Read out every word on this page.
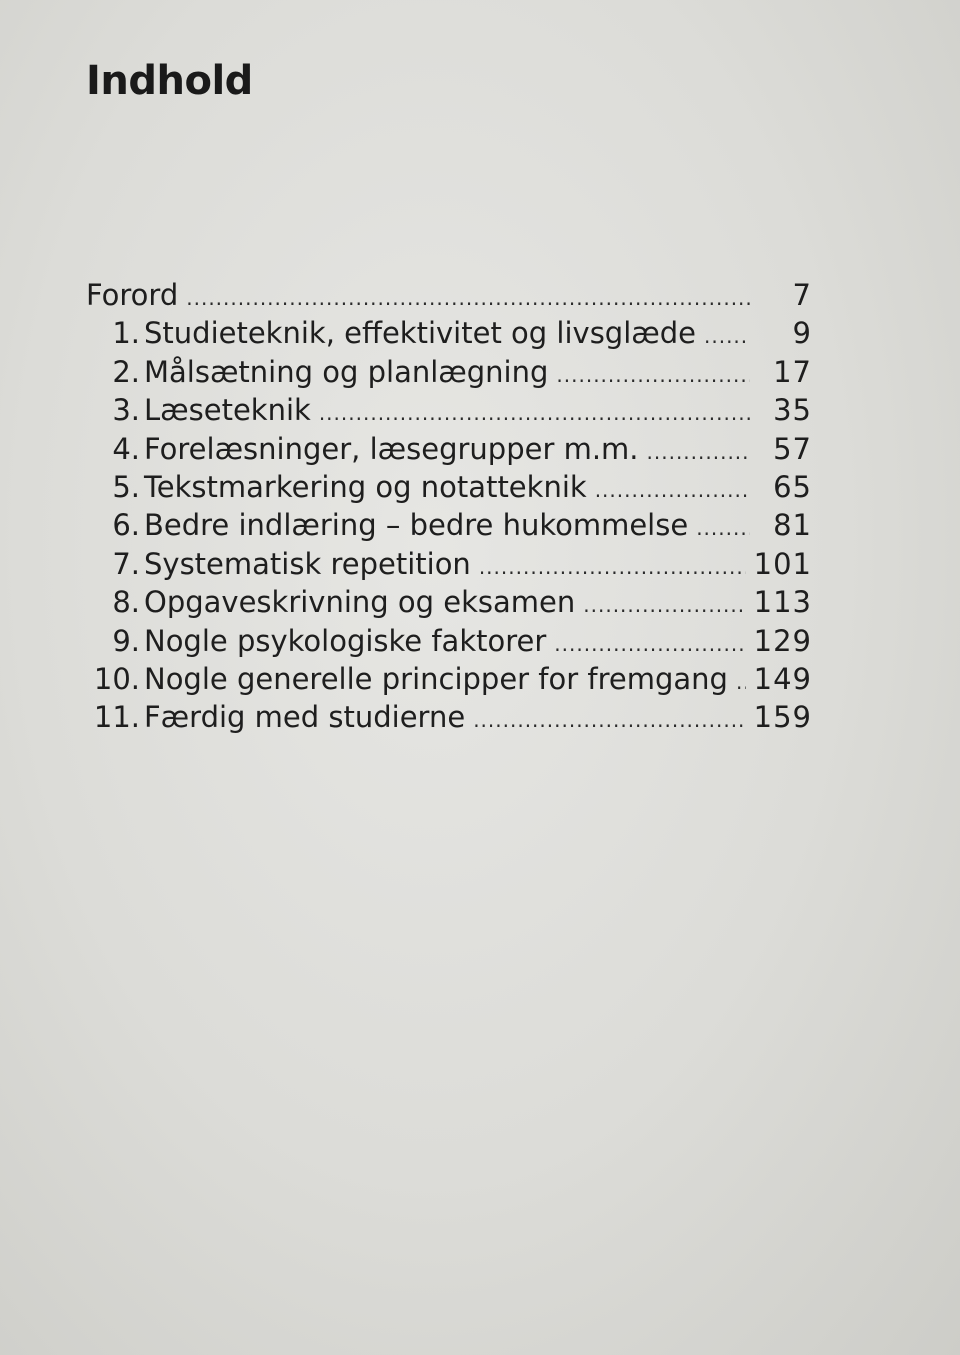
Indhold
Forord .....	7
1. Studieteknik, effektivitet og livsglæde .....	9
2. Målsætning og planlægning .....	17
3. Læseteknik .....	35
4. Forelæsninger, læsegrupper m.m. .....	57
5. Tekstmarkering og notatteknik .....	65
6. Bedre indlæring – bedre hukommelse .....	81
7. Systematisk repetition .....	101
8. Opgaveskrivning og eksamen .....	113
9. Nogle psykologiske faktorer .....	129
10. Nogle generelle principper for fremgang ..... 149
11. Færdig med studierne .....	159
